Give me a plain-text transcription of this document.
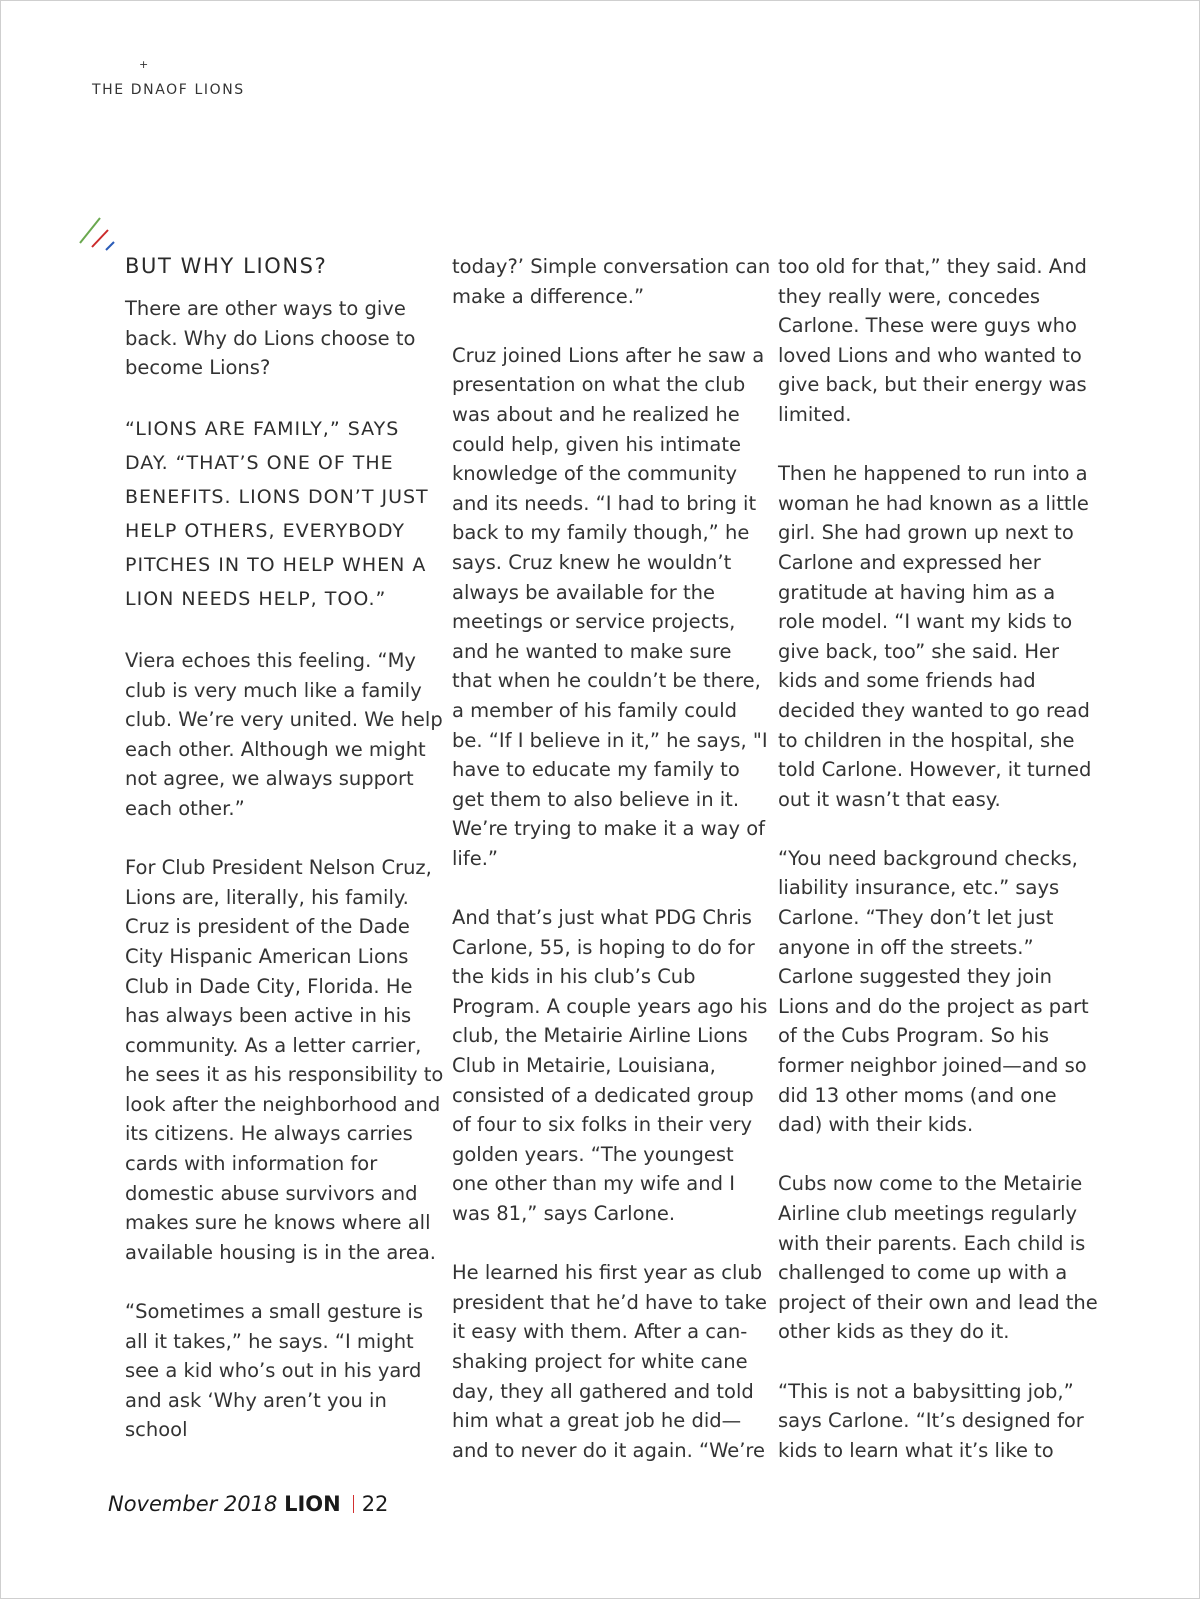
+
THE DNAOF LIONS
BUT WHY LIONS?

There are other ways to give back. Why do Lions choose to become Lions?

“LIONS ARE FAMILY,” SAYS DAY. “THAT’S ONE OF THE BENEFITS. LIONS DON’T JUST HELP OTHERS, EVERYBODY PITCHES IN TO HELP WHEN A LION NEEDS HELP, TOO.”

Viera echoes this feeling. “My club is very much like a family club. We’re very united. We help each other. Although we might not agree, we always support each other.”

For Club President Nelson Cruz, Lions are, literally, his family. Cruz is president of the Dade City Hispanic American Lions Club in Dade City, Florida. He has always been active in his community. As a letter carrier, he sees it as his responsibility to look after the neighborhood and its citizens. He always carries cards with information for domestic abuse survivors and makes sure he knows where all available housing is in the area.

“Sometimes a small gesture is all it takes,” he says. “I might see a kid who’s out in his yard and ask ‘Why aren’t you in school

today?’ Simple conversation can make a difference.”

Cruz joined Lions after he saw a presentation on what the club was about and he realized he could help, given his intimate knowledge of the community and its needs. “I had to bring it back to my family though,” he says. Cruz knew he wouldn’t always be available for the meetings or service projects, and he wanted to make sure that when he couldn’t be there, a member of his family could be. “If I believe in it,” he says, "I have to educate my family to get them to also believe in it. We’re trying to make it a way of life.”

And that’s just what PDG Chris Carlone, 55, is hoping to do for the kids in his club’s Cub Program. A couple years ago his club, the Metairie Airline Lions Club in Metairie, Louisiana, consisted of a dedicated group of four to six folks in their very golden years. “The youngest one other than my wife and I was 81,” says Carlone.

He learned his first year as club president that he’d have to take it easy with them. After a can-shaking project for white cane day, they all gathered and told him what a great job he did— and to never do it again. “We’re

too old for that,” they said. And they really were, concedes Carlone. These were guys who loved Lions and who wanted to give back, but their energy was limited.

Then he happened to run into a woman he had known as a little girl. She had grown up next to Carlone and expressed her gratitude at having him as a role model. “I want my kids to give back, too” she said. Her kids and some friends had decided they wanted to go read to children in the hospital, she told Carlone. However, it turned out it wasn’t that easy.

“You need background checks, liability insurance, etc.” says Carlone. “They don’t let just anyone in off the streets.” Carlone suggested they join Lions and do the project as part of the Cubs Program. So his former neighbor joined—and so did 13 other moms (and one dad) with their kids.

Cubs now come to the Metairie Airline club meetings regularly with their parents. Each child is challenged to come up with a project of their own and lead the other kids as they do it.

“This is not a babysitting job,” says Carlone. “It’s designed for kids to learn what it’s like to

November 2018 LION 22
